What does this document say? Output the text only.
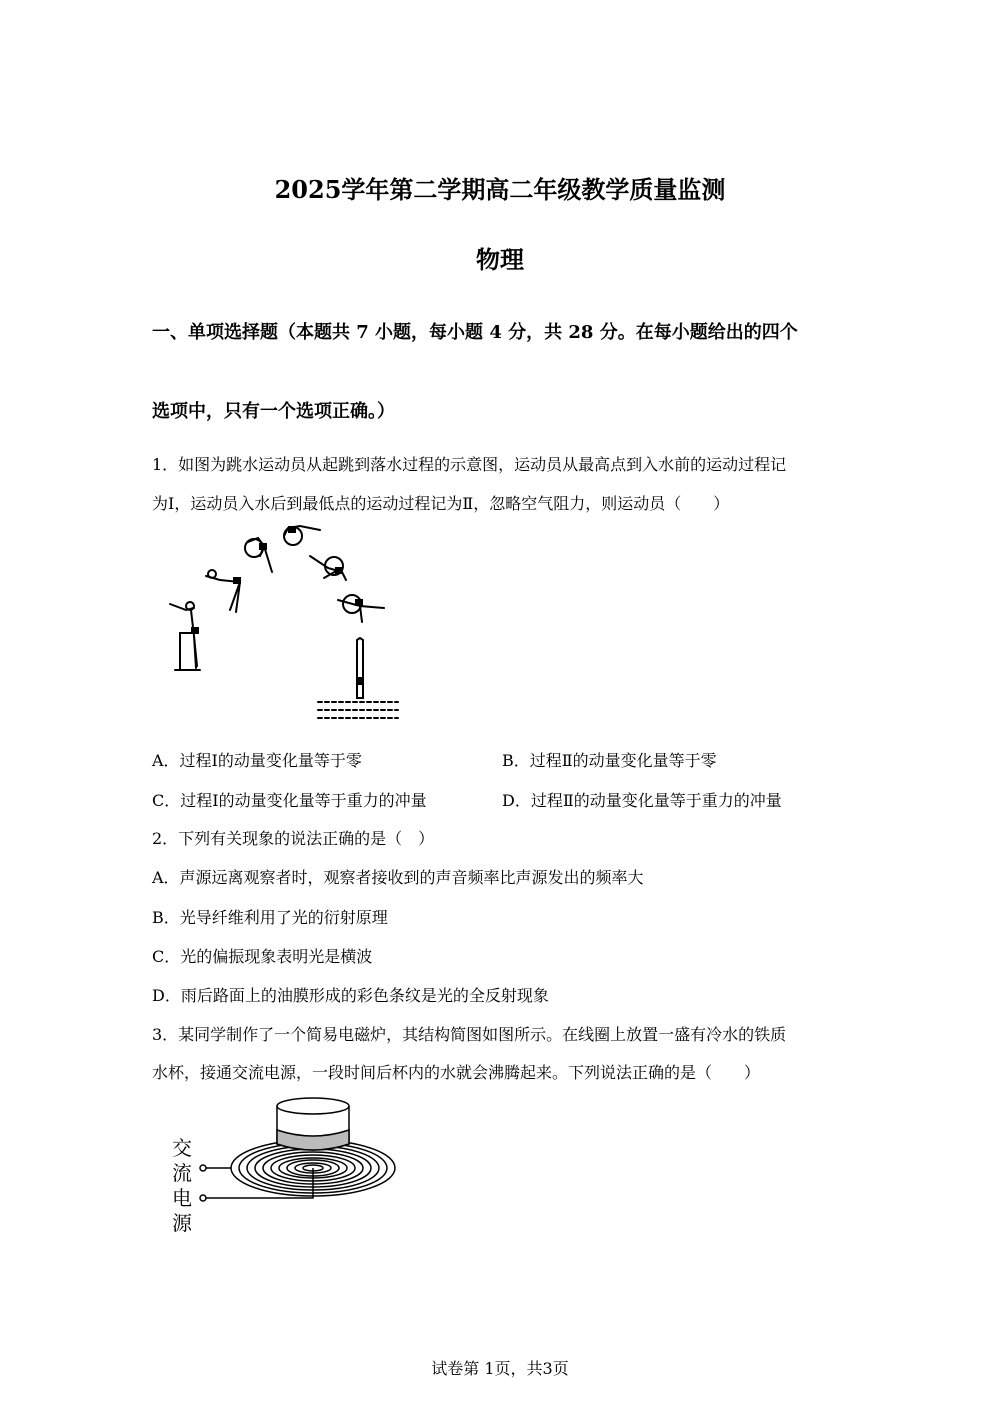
2025学年第二学期高二年级教学质量监测
物理
一、单项选择题（本题共 7 小题，每小题 4 分，共 28 分。在每小题给出的四个
选项中，只有一个选项正确。）
1．如图为跳水运动员从起跳到落水过程的示意图，运动员从最高点到入水前的运动过程记
为Ⅰ，运动员入水后到最低点的运动过程记为Ⅱ，忽略空气阻力，则运动员（　　）
A．过程Ⅰ的动量变化量等于零	B．过程Ⅱ的动量变化量等于零
C．过程Ⅰ的动量变化量等于重力的冲量	D．过程Ⅱ的动量变化量等于重力的冲量
2．下列有关现象的说法正确的是（　）
A．声源远离观察者时，观察者接收到的声音频率比声源发出的频率大
B．光导纤维利用了光的衍射原理
C．光的偏振现象表明光是横波
D．雨后路面上的油膜形成的彩色条纹是光的全反射现象
3．某同学制作了一个简易电磁炉，其结构简图如图所示。在线圈上放置一盛有冷水的铁质
水杯，接通交流电源，一段时间后杯内的水就会沸腾起来。下列说法正确的是（　　）
交
流
电
源
试卷第 1页，共3页
